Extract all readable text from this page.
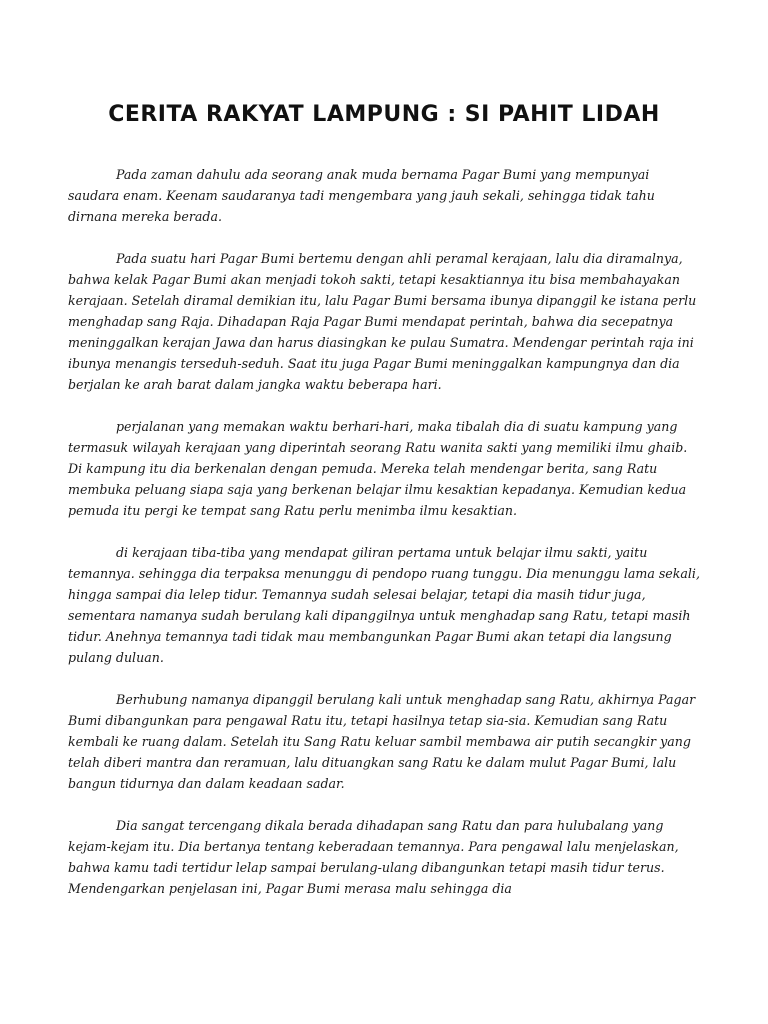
CERITA RAKYAT LAMPUNG : SI PAHIT LIDAH

Pada zaman dahulu ada seorang anak muda bernama Pagar Bumi yang mempunyai saudara enam. Keenam saudaranya tadi mengembara yang jauh sekali, sehingga tidak tahu dirnana mereka berada.

Pada suatu hari Pagar Bumi bertemu dengan ahli peramal kerajaan, lalu dia diramalnya, bahwa kelak Pagar Bumi akan menjadi tokoh sakti, tetapi kesaktiannya itu bisa membahayakan kerajaan. Setelah diramal demikian itu, lalu Pagar Bumi bersama ibunya dipanggil ke istana perlu menghadap sang Raja. Dihadapan Raja Pagar Bumi mendapat perintah, bahwa dia secepatnya meninggalkan kerajan Jawa dan harus diasingkan ke pulau Sumatra. Mendengar perintah raja ini ibunya menangis terseduh-seduh. Saat itu juga Pagar Bumi meninggalkan kampungnya dan dia berjalan ke arah barat dalam jangka waktu beberapa hari.

perjalanan yang memakan waktu berhari-hari, maka tibalah dia di suatu kampung yang termasuk wilayah kerajaan yang diperintah seorang Ratu wanita sakti yang memiliki ilmu ghaib. Di kampung itu dia berkenalan dengan pemuda. Mereka telah mendengar berita, sang Ratu membuka peluang siapa saja yang berkenan belajar ilmu kesaktian kepadanya. Kemudian kedua pemuda itu pergi ke tempat sang Ratu perlu menimba ilmu kesaktian.

di kerajaan tiba-tiba yang mendapat giliran pertama untuk belajar ilmu sakti, yaitu temannya. sehingga dia terpaksa menunggu di pendopo ruang tunggu. Dia menunggu lama sekali, hingga sampai dia lelep tidur. Temannya sudah selesai belajar, tetapi dia masih tidur juga, sementara namanya sudah berulang kali dipanggilnya untuk menghadap sang Ratu, tetapi masih tidur. Anehnya temannya tadi tidak mau membangunkan Pagar Bumi akan tetapi dia langsung pulang duluan.

Berhubung namanya dipanggil berulang kali untuk menghadap sang Ratu, akhirnya Pagar Bumi dibangunkan para pengawal Ratu itu, tetapi hasilnya tetap sia-sia. Kemudian sang Ratu kembali ke ruang dalam. Setelah itu Sang Ratu keluar sambil membawa air putih secangkir yang telah diberi mantra dan reramuan, lalu dituangkan sang Ratu ke dalam mulut Pagar Bumi, lalu bangun tidurnya dan dalam keadaan sadar.

Dia sangat tercengang dikala berada dihadapan sang Ratu dan para hulubalang yang kejam-kejam itu. Dia bertanya tentang keberadaan temannya. Para pengawal lalu menjelaskan, bahwa kamu tadi tertidur lelap sampai berulang-ulang dibangunkan tetapi masih tidur terus. Mendengarkan penjelasan ini, Pagar Bumi merasa malu sehingga dia
